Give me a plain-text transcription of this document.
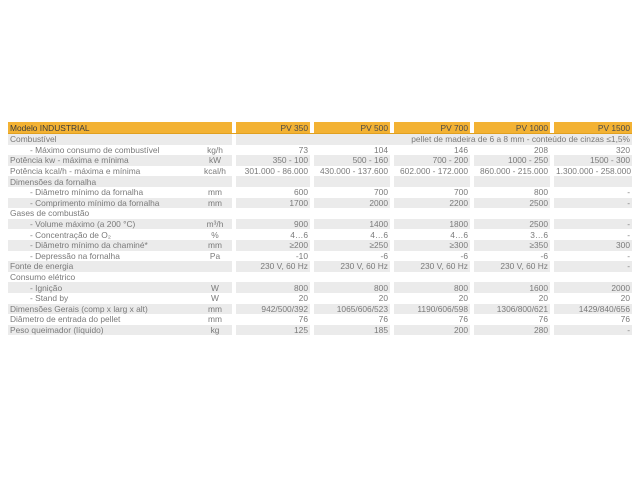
Modelo INDUSTRIAL			PV 350		PV 500		PV 700		PV 1000		PV 1500
Combustível			pellet de madeira de 6 a 8 mm - conteúdo de cinzas ≤1,5%								
- Máximo consumo de combustível	kg/h		73		104		146		208		320
Potência kw - máxima e mínima	kW		350 - 100		500 - 160		700 - 200		1000 - 250		1500 - 300
Potência kcal/h - máxima e mínima	kcal/h		301.000 - 86.000		430.000 - 137.600		602.000 - 172.000		860.000 - 215.000		1.300.000 - 258.000
Dimensões da fornalha											
- Diâmetro mínimo da fornalha	mm		600		700		700		800		-
- Comprimento mínimo da fornalha	mm		1700		2000		2200		2500		-
Gases de combustão											
- Volume máximo (a 200 °C)	m³/h		900		1400		1800		2500		-
- Concentração de O₂	%		4…6		4…6		4…6		3…6		-
- Diâmetro mínimo da chaminé*	mm		≥200		≥250		≥300		≥350		300
- Depressão na fornalha	Pa		-10		-6		-6		-6		-
Fonte de energia			230 V, 60 Hz		230 V, 60 Hz		230 V, 60 Hz		230 V, 60 Hz		-
Consumo elétrico											
- Ignição	W		800		800		800		1600		2000
- Stand by	W		20		20		20		20		20
Dimensões Gerais (comp x larg x alt)	mm		942/500/392		1065/606/523		1190/606/598		1306/800/621		1429/840/656
Diâmetro de entrada do pellet	mm		76		76		76		76		76
Peso queimador (líquido)	kg		125		185		200		280		-
